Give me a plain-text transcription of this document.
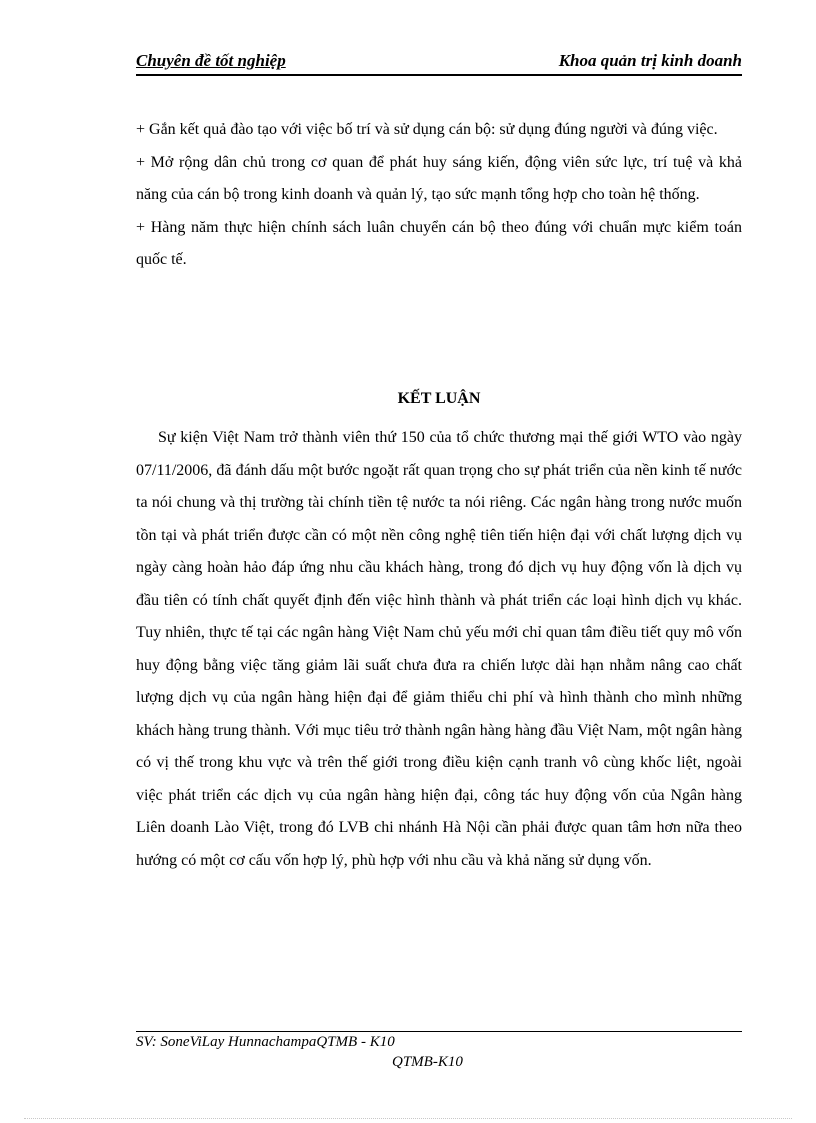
Chuyên đề tốt nghiệp	Khoa quản trị kinh doanh

+ Gắn kết quả đào tạo với việc bố trí và sử dụng cán bộ: sử dụng đúng người và đúng việc.

+ Mở rộng dân chủ trong cơ quan để phát huy sáng kiến, động viên sức lực, trí tuệ và khả năng của cán bộ trong kinh doanh và quản lý, tạo sức mạnh tổng hợp cho toàn hệ thống.

+ Hàng năm thực hiện chính sách luân chuyển cán bộ theo đúng với chuẩn mực kiểm toán quốc tế.

KẾT LUẬN

Sự kiện Việt Nam trở thành viên thứ 150 của tổ chức thương mại thế giới WTO vào ngày 07/11/2006, đã đánh dấu một bước ngoặt rất quan trọng cho sự phát triển của nền kinh tế nước ta nói chung và thị trường tài chính tiền tệ nước ta nói riêng. Các ngân hàng trong nước muốn tồn tại và phát triển được cần có một nền công nghệ tiên tiến hiện đại với chất lượng dịch vụ ngày càng hoàn hảo đáp ứng nhu cầu khách hàng, trong đó dịch vụ huy động vốn là dịch vụ đầu tiên có tính chất quyết định đến việc hình thành và phát triển các loại hình dịch vụ khác. Tuy nhiên, thực tế tại các ngân hàng Việt Nam chủ yếu mới chỉ quan tâm điều tiết quy mô vốn huy động bằng việc tăng giảm lãi suất chưa đưa ra chiến lược dài hạn nhằm nâng cao chất lượng dịch vụ của ngân hàng hiện đại để giảm thiểu chi phí và hình thành cho mình những khách hàng trung thành. Với mục tiêu trở thành ngân hàng hàng đầu Việt Nam, một ngân hàng có vị thế trong khu vực và trên thế giới trong điều kiện cạnh tranh vô cùng khốc liệt, ngoài việc phát triển các dịch vụ của ngân hàng hiện đại, công tác huy động vốn của Ngân hàng Liên doanh Lào Việt, trong đó LVB chi nhánh Hà Nội cần phải được quan tâm hơn nữa theo hướng có một cơ cấu vốn hợp lý, phù hợp với nhu cầu và khả năng sử dụng vốn.

SV: SoneViLay HunnachampaQTMB - K10
QTMB-K10
